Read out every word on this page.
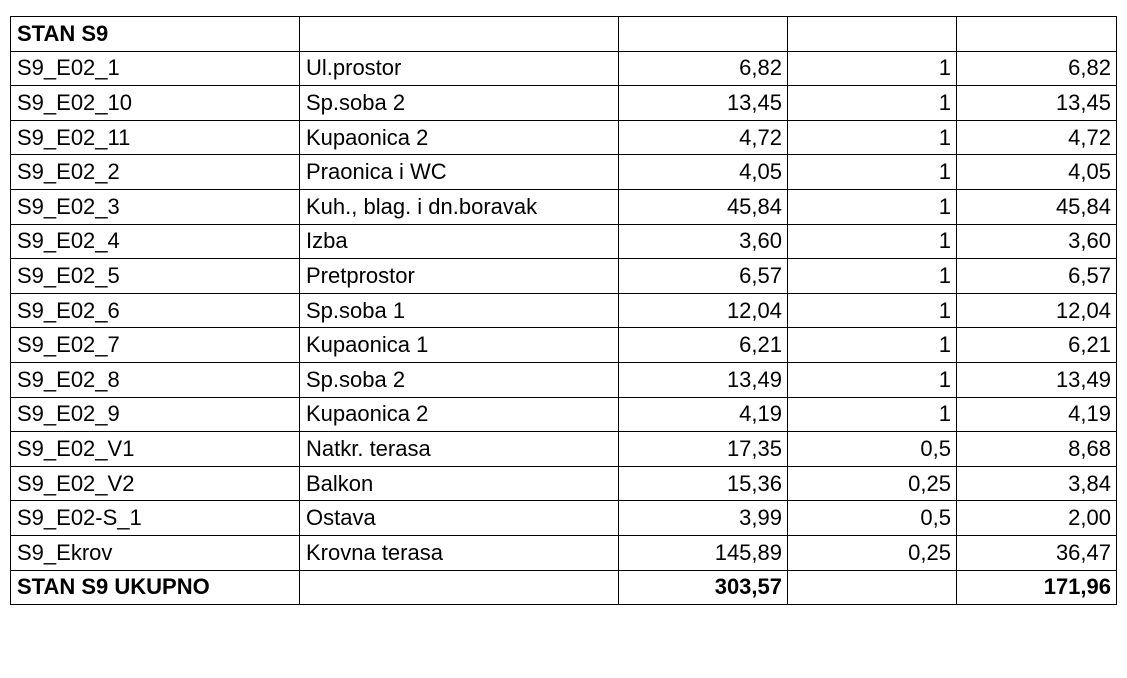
STAN S9				
S9_E02_1	Ul.prostor	6,82	1	6,82
S9_E02_10	Sp.soba 2	13,45	1	13,45
S9_E02_11	Kupaonica 2	4,72	1	4,72
S9_E02_2	Praonica i WC	4,05	1	4,05
S9_E02_3	Kuh., blag. i dn.boravak	45,84	1	45,84
S9_E02_4	Izba	3,60	1	3,60
S9_E02_5	Pretprostor	6,57	1	6,57
S9_E02_6	Sp.soba 1	12,04	1	12,04
S9_E02_7	Kupaonica 1	6,21	1	6,21
S9_E02_8	Sp.soba 2	13,49	1	13,49
S9_E02_9	Kupaonica 2	4,19	1	4,19
S9_E02_V1	Natkr. terasa	17,35	0,5	8,68
S9_E02_V2	Balkon	15,36	0,25	3,84
S9_E02-S_1	Ostava	3,99	0,5	2,00
S9_Ekrov	Krovna terasa	145,89	0,25	36,47
STAN S9 UKUPNO		303,57		171,96
